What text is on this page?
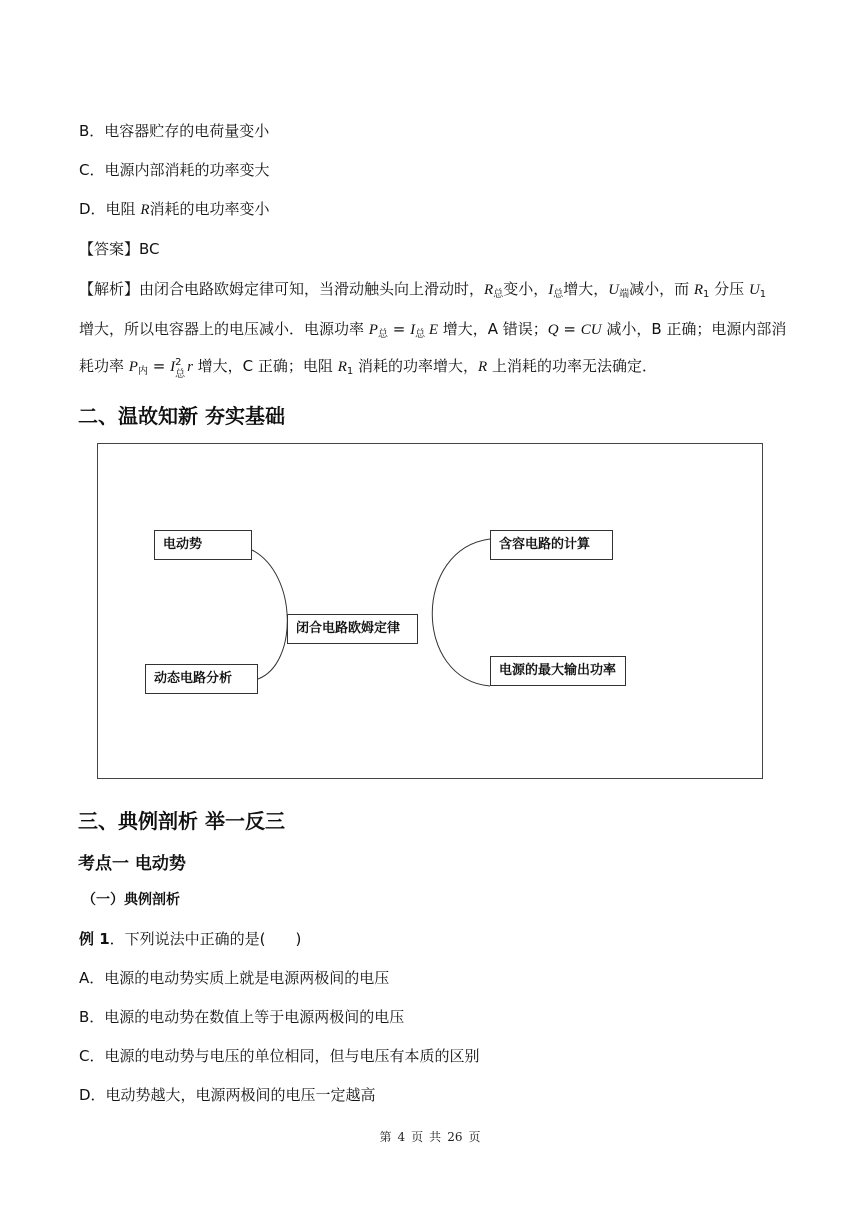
B．电容器贮存的电荷量变小
C．电源内部消耗的功率变大
D．电阻 R消耗的电功率变小
【答案】BC
【解析】由闭合电路欧姆定律可知，当滑动触头向上滑动时，$R_总$变小，$I_总$增大，$U_端$减小，而 $R_1$ 分压 $U_1$
增大，所以电容器上的电压减小．电源功率 $P_总 = I_总$ E 增大，A 错误；Q = CU 减小，B 正确；电源内部消
耗功率 $P_内 = I$ 2
总 r 增大，C 正确；电阻 $R_1$ 消耗的功率增大，R 上消耗的功率无法确定．
二、温故知新 夯实基础
电动势
动态电路分析
闭合电路欧姆定律
含容电路的计算
电源的最大输出功率
三、典例剖析 举一反三
考点一 电动势
（一）典例剖析
例 1．下列说法中正确的是(　　)
A．电源的电动势实质上就是电源两极间的电压
B．电源的电动势在数值上等于电源两极间的电压
C．电源的电动势与电压的单位相同，但与电压有本质的区别
D．电动势越大，电源两极间的电压一定越高
第 4 页 共 26 页
